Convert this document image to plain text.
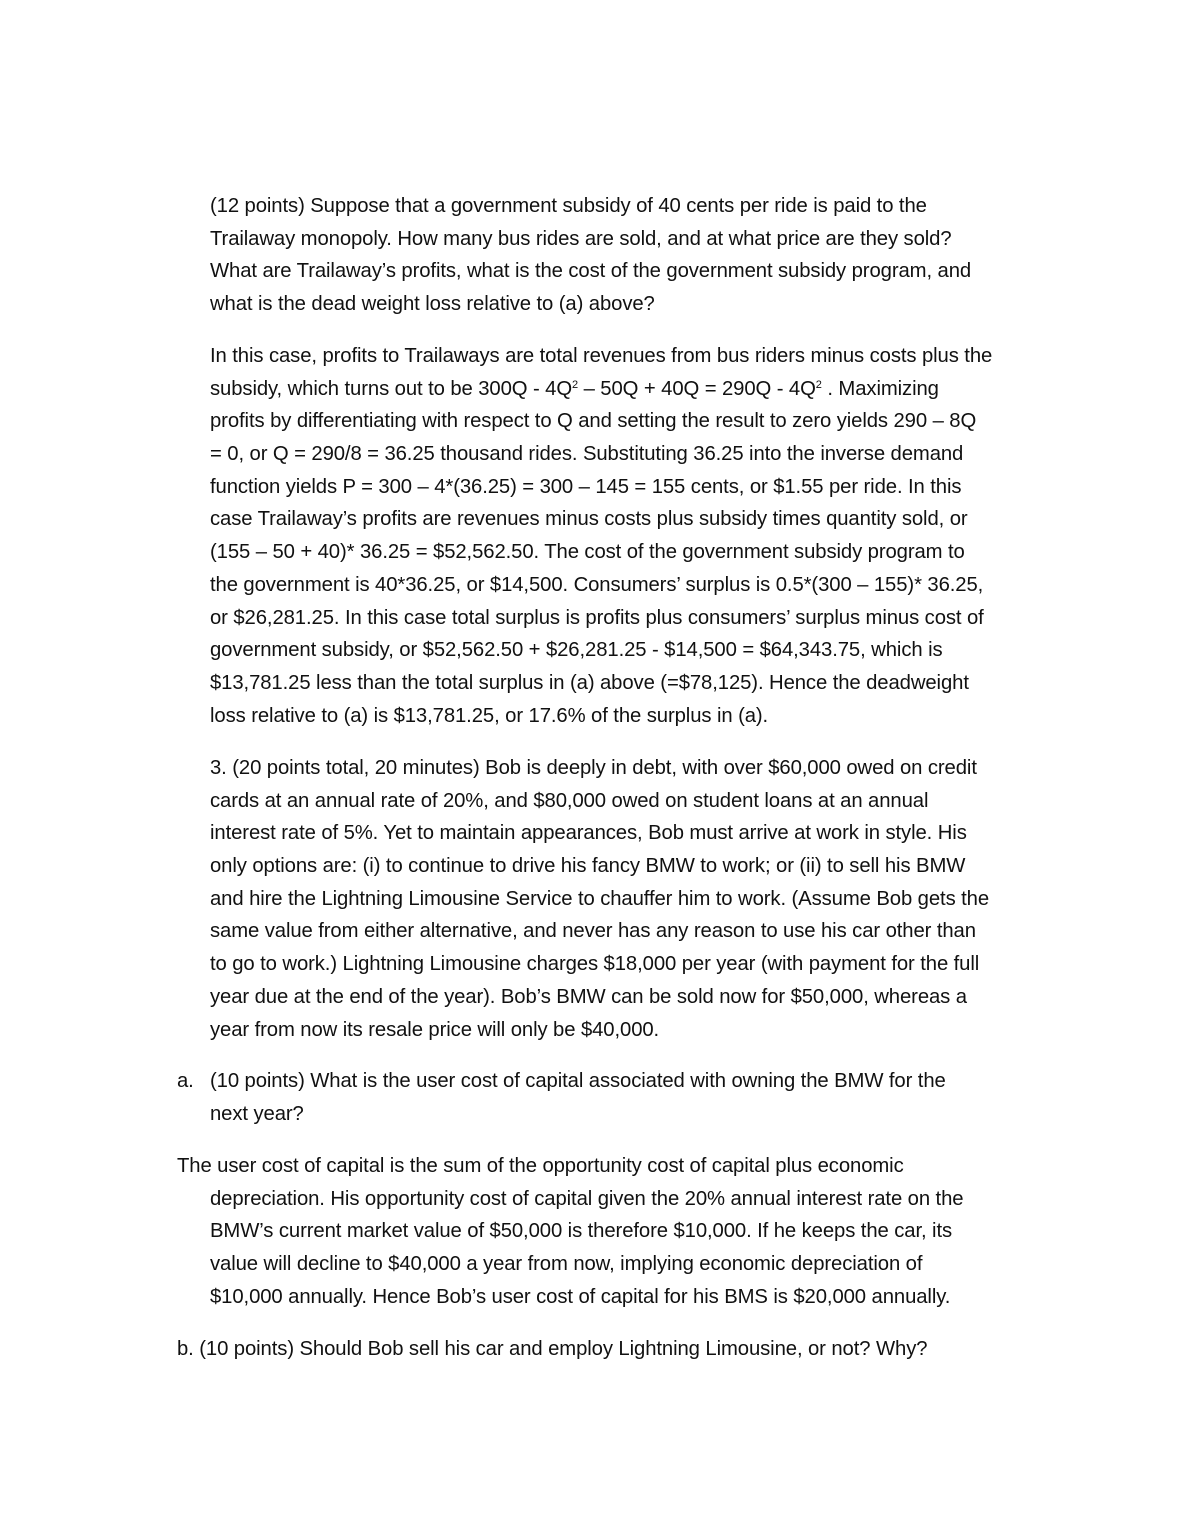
(12 points) Suppose that a government subsidy of 40 cents per ride is paid to the
Trailaway monopoly. How many bus rides are sold, and at what price are they sold?
What are Trailaway’s profits, what is the cost of the government subsidy program, and
what is the dead weight loss relative to (a) above?
In this case, profits to Trailaways are total revenues from bus riders minus costs plus the
subsidy, which turns out to be $300Q - 4Q^2 - 50Q + 40Q = 290Q - 4Q^2$ . Maximizing
profits by differentiating with respect to Q and setting the result to zero yields 290 – 8Q
= 0, or Q = 290/8 = 36.25 thousand rides. Substituting 36.25 into the inverse demand
function yields P = 300 – 4*(36.25) = 300 – 145 = 155 cents, or $1.55 per ride. In this
case Trailaway’s profits are revenues minus costs plus subsidy times quantity sold, or
(155 – 50 + 40)* 36.25 = $52,562.50. The cost of the government subsidy program to
the government is 40*36.25, or $14,500. Consumers’ surplus is 0.5*(300 – 155)* 36.25,
or $26,281.25. In this case total surplus is profits plus consumers’ surplus minus cost of
government subsidy, or $52,562.50 + $26,281.25 - $14,500 = $64,343.75, which is
$13,781.25 less than the total surplus in (a) above (=$78,125). Hence the deadweight
loss relative to (a) is $13,781.25, or 17.6% of the surplus in (a).
3. (20 points total, 20 minutes) Bob is deeply in debt, with over $60,000 owed on credit
cards at an annual rate of 20%, and $80,000 owed on student loans at an annual
interest rate of 5%. Yet to maintain appearances, Bob must arrive at work in style. His
only options are: (i) to continue to drive his fancy BMW to work; or (ii) to sell his BMW
and hire the Lightning Limousine Service to chauffer him to work. (Assume Bob gets the
same value from either alternative, and never has any reason to use his car other than
to go to work.) Lightning Limousine charges $18,000 per year (with payment for the full
year due at the end of the year). Bob’s BMW can be sold now for $50,000, whereas a
year from now its resale price will only be $40,000.
a. (10 points) What is the user cost of capital associated with owning the BMW for the
next year?
The user cost of capital is the sum of the opportunity cost of capital plus economic
depreciation. His opportunity cost of capital given the 20% annual interest rate on the
BMW’s current market value of $50,000 is therefore $10,000. If he keeps the car, its
value will decline to $40,000 a year from now, implying economic depreciation of
$10,000 annually. Hence Bob’s user cost of capital for his BMS is $20,000 annually.
b. (10 points) Should Bob sell his car and employ Lightning Limousine, or not? Why?
